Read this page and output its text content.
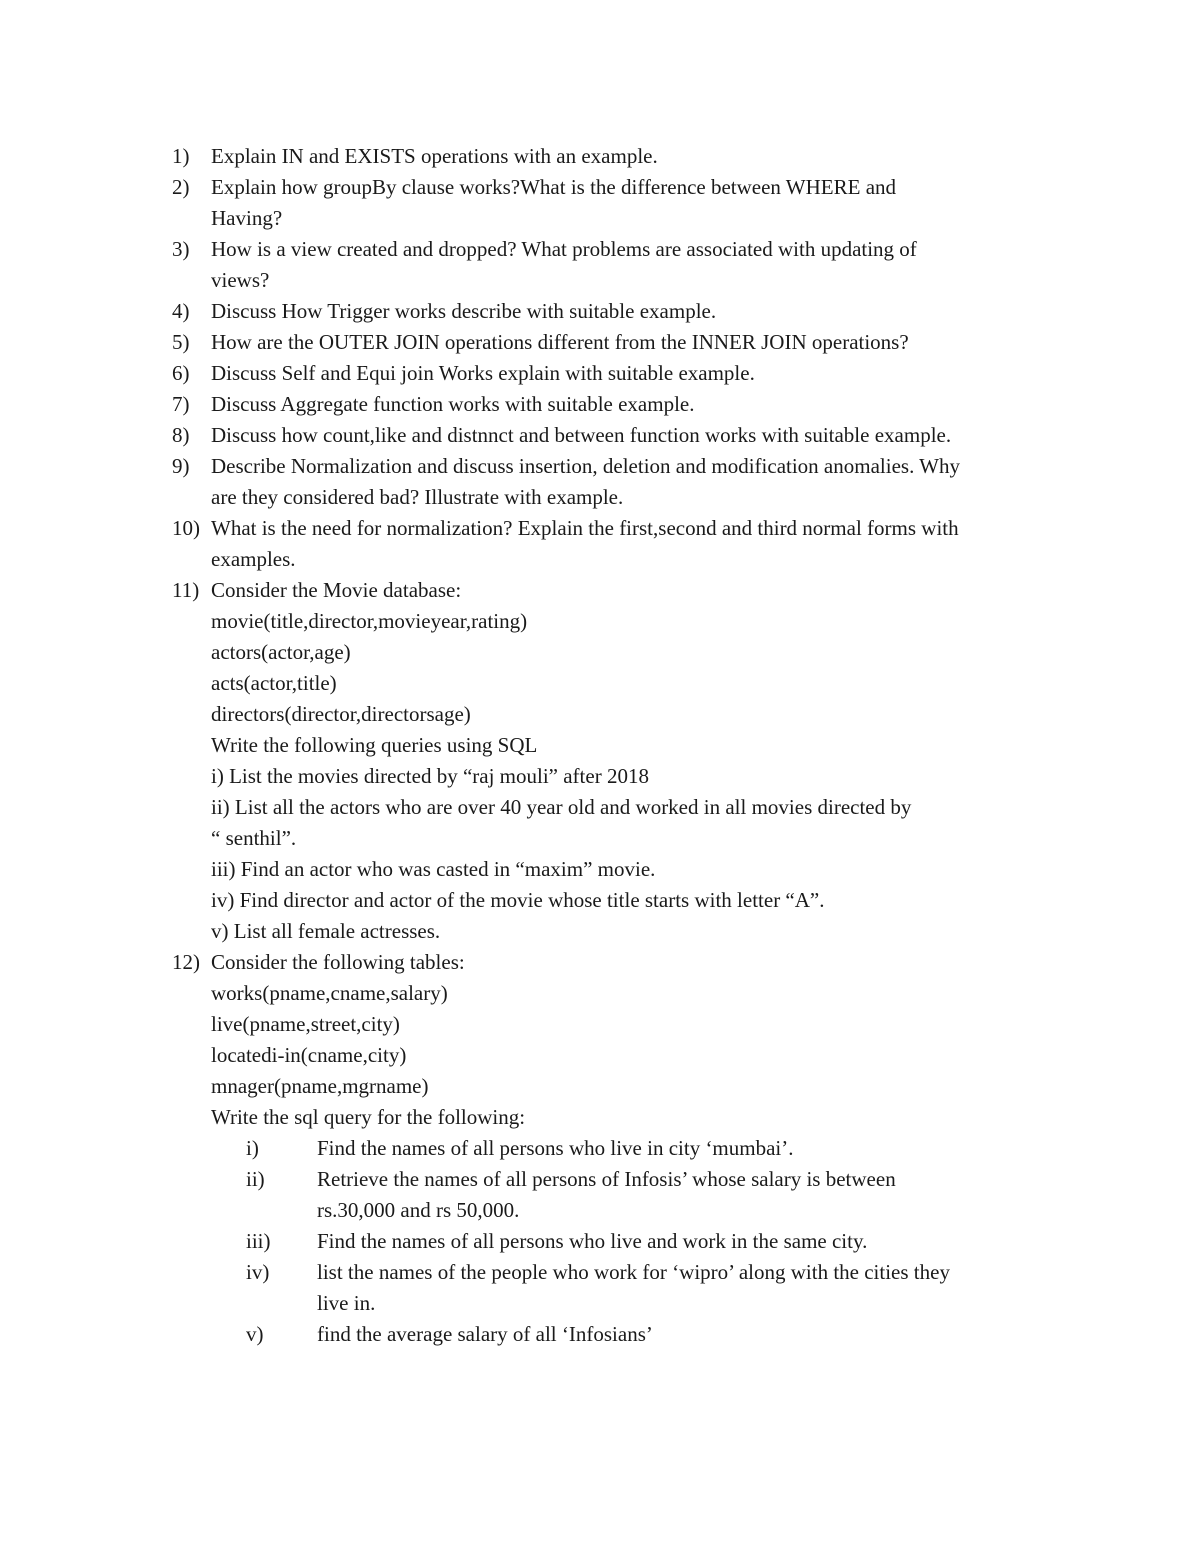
1) Explain IN and EXISTS operations with an example.
2) Explain how groupBy clause works?What is the difference between WHERE and
Having?
3) How is a view created and dropped? What problems are associated with updating of
views?
4) Discuss How Trigger works describe with suitable example.
5) How are the OUTER JOIN operations different from the INNER JOIN operations?
6) Discuss Self and Equi join Works explain with suitable example.
7) Discuss Aggregate function works with suitable example.
8) Discuss how count,like and distnnct and between function works with suitable example.
9) Describe Normalization and discuss insertion, deletion and modification anomalies. Why
are they considered bad? Illustrate with example.
10) What is the need for normalization? Explain the first,second and third normal forms with
examples.
11) Consider the Movie database:
movie(title,director,movieyear,rating)
actors(actor,age)
acts(actor,title)
directors(director,directorsage)
Write the following queries using SQL
i) List the movies directed by “raj mouli” after 2018
ii) List all the actors who are over 40 year old and worked in all movies directed by
“ senthil”.
iii) Find an actor who was casted in “maxim” movie.
iv) Find director and actor of the movie whose title starts with letter “A”.
v) List all female actresses.
12) Consider the following tables:
works(pname,cname,salary)
live(pname,street,city)
locatedi-in(cname,city)
mnager(pname,mgrname)
Write the sql query for the following:
i)	Find the names of all persons who live in city ‘mumbai’.
ii) Retrieve the names of all persons of Infosis’ whose salary is between
rs.30,000 and rs 50,000.
iii) Find the names of all persons who live and work in the same city.
iv) list the names of the people who work for ‘wipro’ along with the cities they
live in.
v)	find the average salary of all ‘Infosians’
